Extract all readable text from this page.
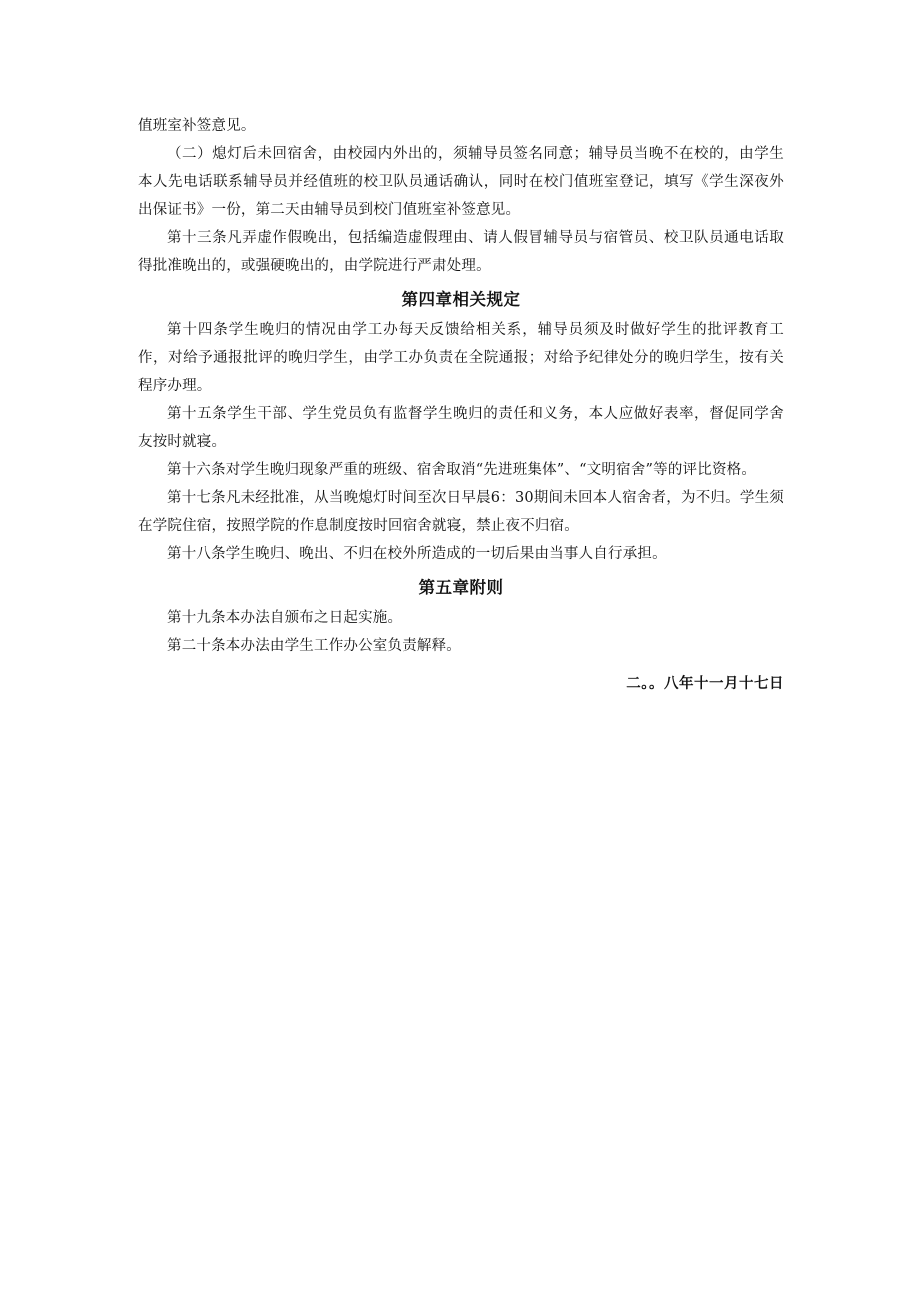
值班室补签意见。

（二）熄灯后未回宿舍，由校园内外出的，须辅导员签名同意；辅导员当晚不在校的，由学生本人先电话联系辅导员并经值班的校卫队员通话确认，同时在校门值班室登记，填写《学生深夜外出保证书》一份，第二天由辅导员到校门值班室补签意见。

第十三条凡弄虚作假晚出，包括编造虚假理由、请人假冒辅导员与宿管员、校卫队员通电话取得批准晚出的，或强硬晚出的，由学院进行严肃处理。

第四章相关规定

第十四条学生晚归的情况由学工办每天反馈给相关系，辅导员须及时做好学生的批评教育工作，对给予通报批评的晚归学生，由学工办负责在全院通报；对给予纪律处分的晚归学生，按有关程序办理。

第十五条学生干部、学生党员负有监督学生晚归的责任和义务，本人应做好表率，督促同学舍友按时就寝。

第十六条对学生晚归现象严重的班级、宿舍取消“先进班集体”、“文明宿舍”等的评比资格。

第十七条凡未经批准，从当晚熄灯时间至次日早晨6：30期间未回本人宿舍者，为不归。学生须在学院住宿，按照学院的作息制度按时回宿舍就寝，禁止夜不归宿。

第十八条学生晚归、晚出、不归在校外所造成的一切后果由当事人自行承担。

第五章附则

第十九条本办法自颁布之日起实施。

第二十条本办法由学生工作办公室负责解释。

二。。八年十一月十七日
